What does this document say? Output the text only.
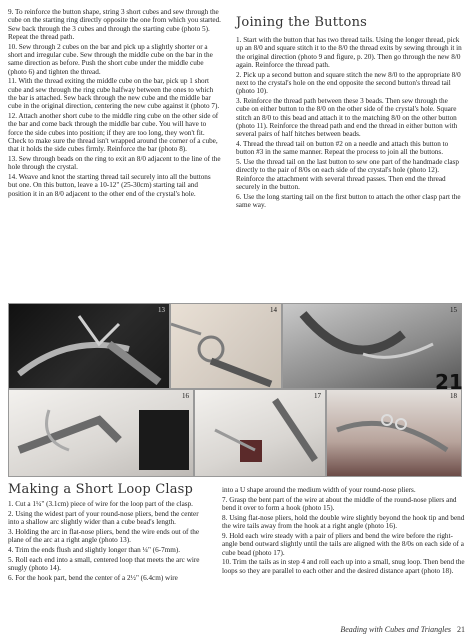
9. To reinforce the button shape, string 3 short cubes and sew through the cube on the starting ring directly opposite the one from which you started. Sew back through the 3 cubes and through the starting cube (photo 5). Repeat the thread path.

10. Sew through 2 cubes on the bar and pick up a slightly shorter or a short and irregular cube. Sew through the middle cube on the bar in the same direction as before. Push the short cube under the middle cube (photo 6) and tighten the thread.

11. With the thread exiting the middle cube on the bar, pick up 1 short cube and sew through the ring cube halfway between the ones to which the bar is attached. Sew back through the new cube and the middle bar cube in the original direction, centering the new cube against it (photo 7).

12. Attach another short cube to the middle ring cube on the other side of the bar and come back through the middle bar cube. You will have to force the side cubes into position; if they are too long, they won't fit. Check to make sure the thread isn't wrapped around the corner of a cube, that it holds the side cubes firmly. Reinforce the bar (photo 8).

13. Sew through beads on the ring to exit an 8/0 adjacent to the line of the hole through the crystal.

14. Weave and knot the starting thread tail securely into all the buttons but one. On this button, leave a 10-12" (25-30cm) starting tail and position it in an 8/0 adjacent to the other end of the crystal's hole.

Joining the Buttons

1. Start with the button that has two thread tails. Using the longer thread, pick up an 8/0 and square stitch it to the 8/0 the thread exits by sewing through it in the original direction (photo 9 and figure, p. 20). Then go through the new 8/0 again. Reinforce the thread path.

2. Pick up a second button and square stitch the new 8/0 to the appropriate 8/0 next to the crystal's hole on the end opposite the second button's thread tail (photo 10).

3. Reinforce the thread path between these 3 beads. Then sew through the cube on either button to the 8/0 on the other side of the crystal's hole. Square stitch an 8/0 to this bead and attach it to the matching 8/0 on the other button (photo 11). Reinforce the thread path and end the thread in either button with several pairs of half hitches between beads.

4. Thread the thread tail on button #2 on a needle and attach this button to button #3 in the same manner. Repeat the process to join all the buttons.

5. Use the thread tail on the last button to sew one part of the handmade clasp directly to the pair of 8/0s on each side of the crystal's hole (photo 12). Reinforce the attachment with several thread passes. Then end the thread securely in the button.

6. Use the long starting tail on the first button to attach the other clasp part the same way.

13	14	15
16	17	18
21
Making a Short Loop Clasp

1. Cut a 1¼" (3.1cm) piece of wire for the loop part of the clasp.

2. Using the widest part of your round-nose pliers, bend the center into a shallow arc slightly wider than a cube bead's length.

3. Holding the arc in flat-nose pliers, bend the wire ends out of the plane of the arc at a right angle (photo 13).

4. Trim the ends flush and slightly longer than ¼" (6-7mm).

5. Roll each end into a small, centered loop that meets the arc wire snugly (photo 14).

6. For the hook part, bend the center of a 2½" (6.4cm) wire

into a U shape around the medium width of your round-nose pliers.

7. Grasp the bent part of the wire at about the middle of the round-nose pliers and bend it over to form a hook (photo 15).

8. Using flat-nose pliers, hold the double wire slightly beyond the hook tip and bend the wire tails away from the hook at a right angle (photo 16).

9. Hold each wire steady with a pair of pliers and bend the wire before the right-angle bend outward slightly until the tails are aligned with the 8/0s on each side of a cube bead (photo 17).

10. Trim the tails as in step 4 and roll each up into a small, snug loop. Then bend the loops so they are parallel to each other and the desired distance apart (photo 18).

Beading with Cubes and Triangles 21
